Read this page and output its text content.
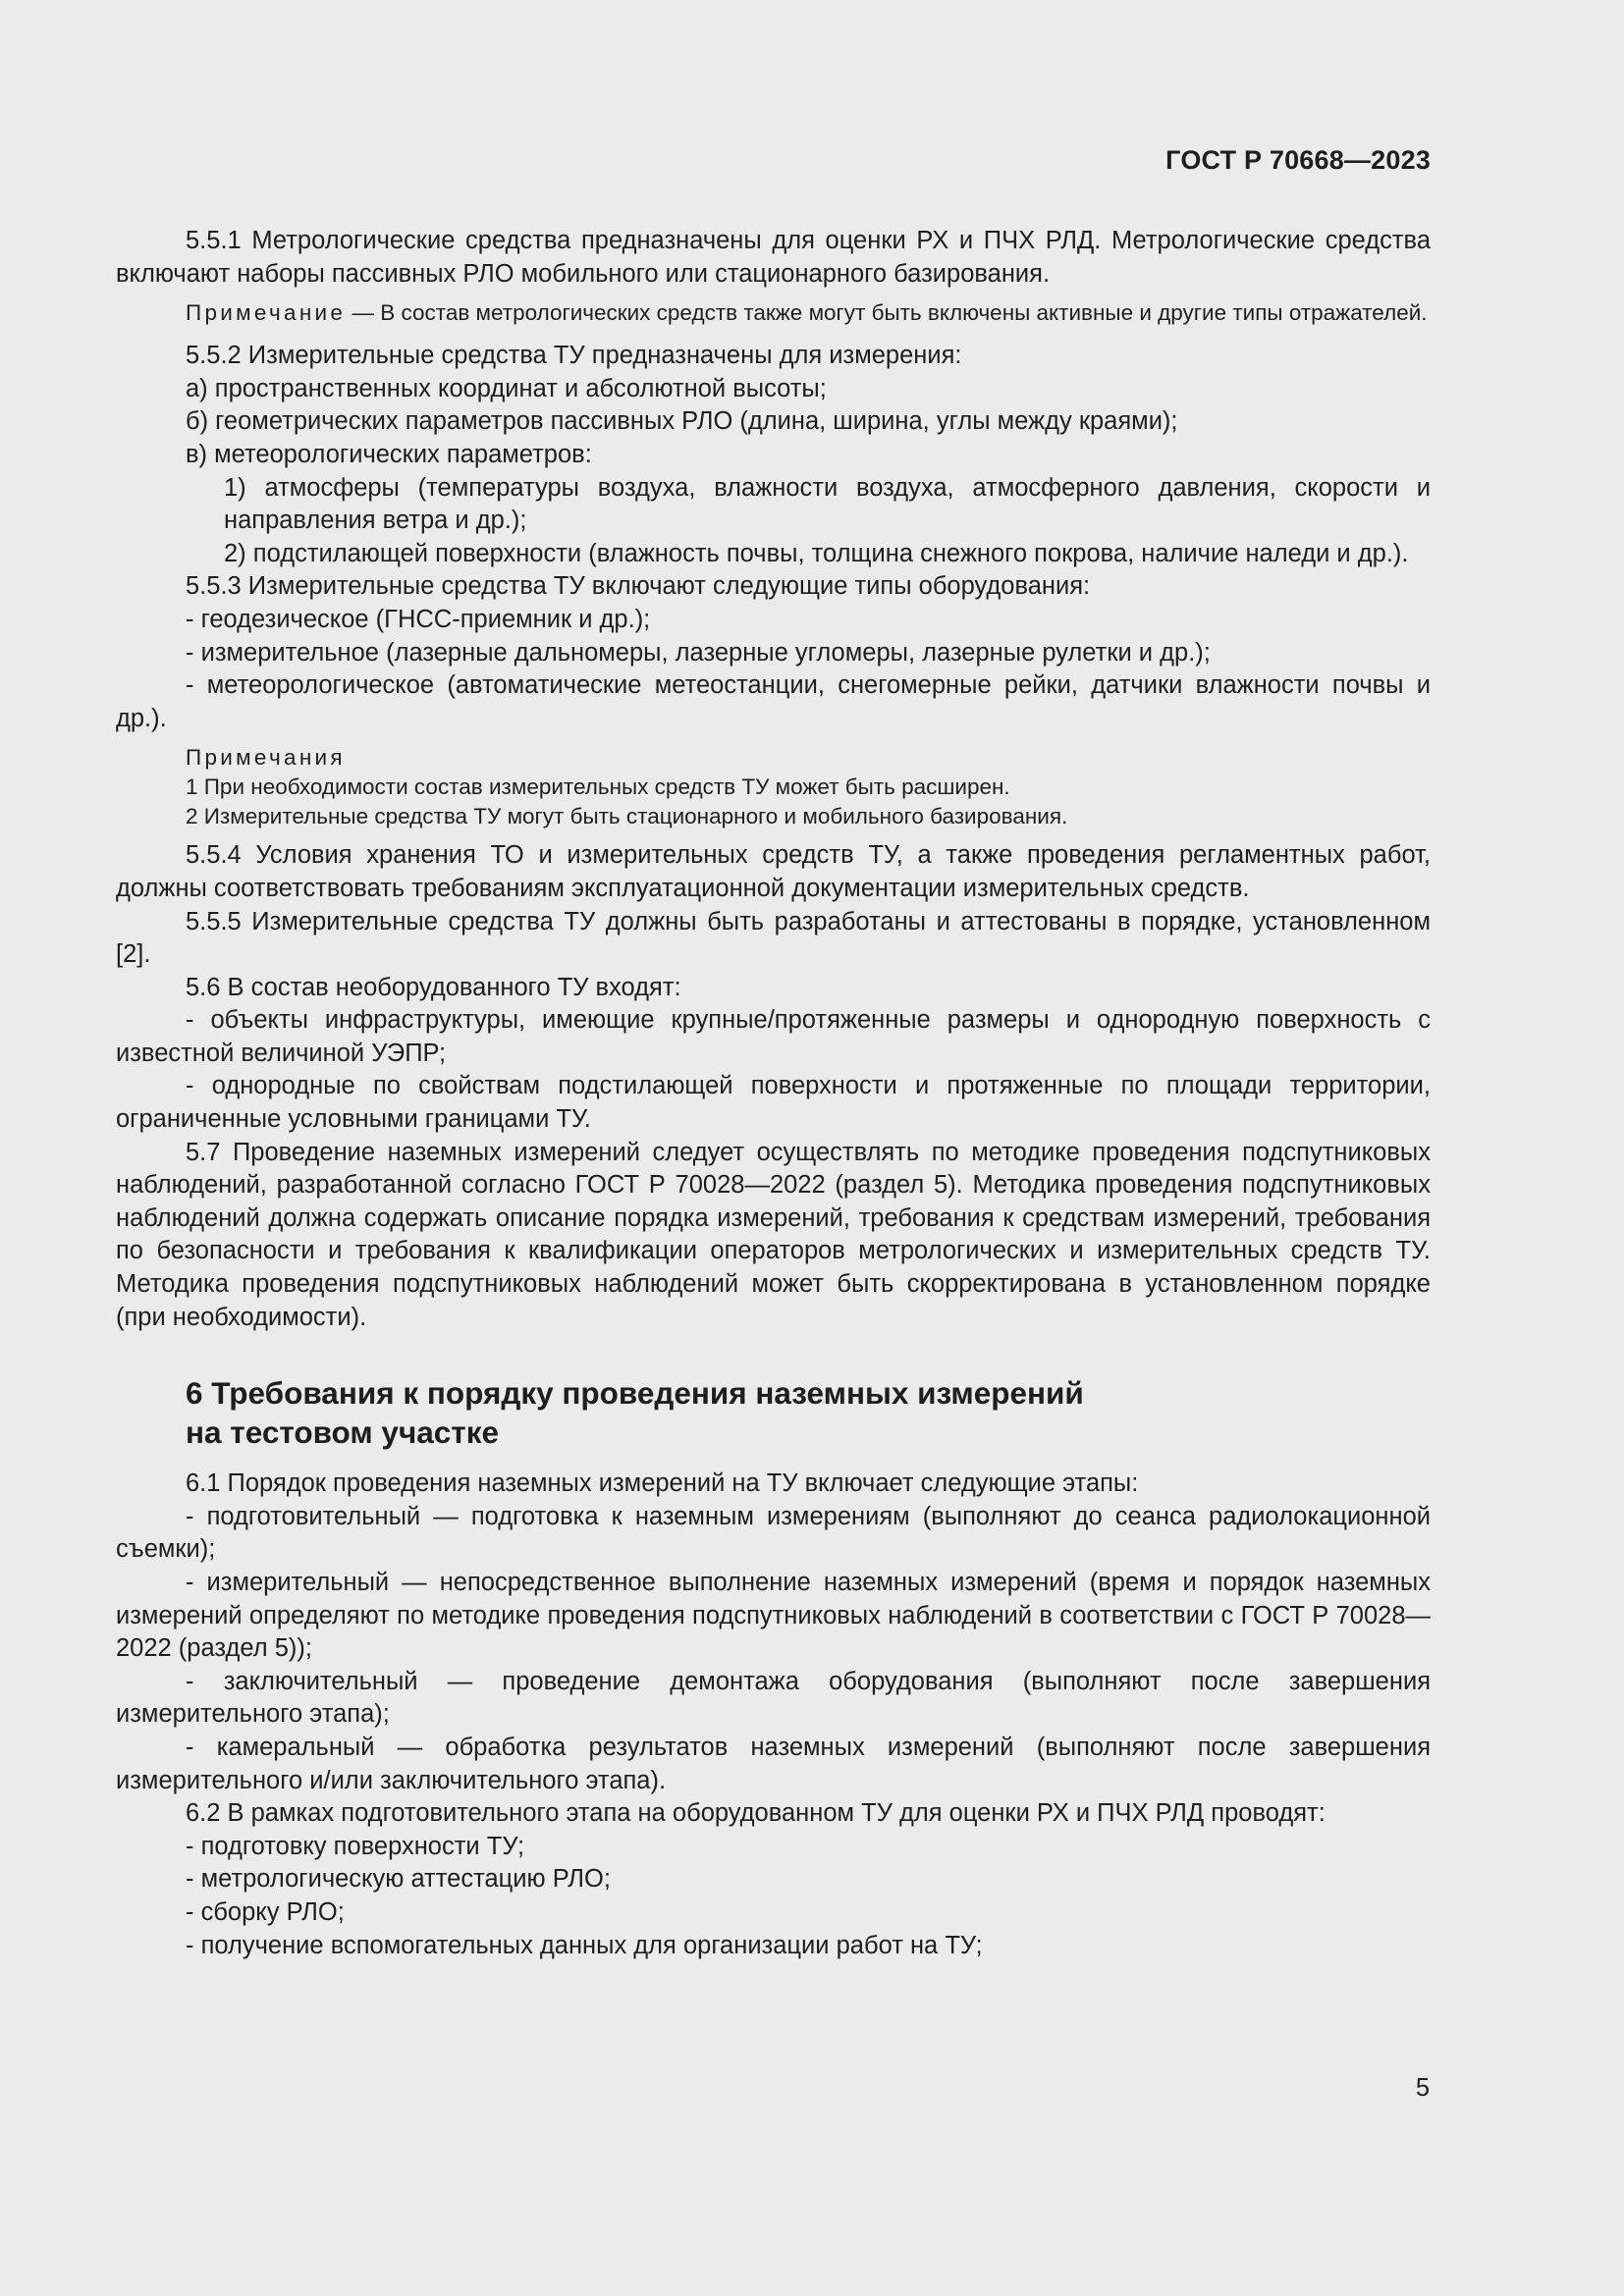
ГОСТ Р 70668—2023

5.5.1 Метрологические средства предназначены для оценки РХ и ПЧХ РЛД. Метрологические средства включают наборы пассивных РЛО мобильного или стационарного базирования.

Примечание — В состав метрологических средств также могут быть включены активные и другие типы отражателей.

5.5.2 Измерительные средства ТУ предназначены для измерения:

а) пространственных координат и абсолютной высоты;

б) геометрических параметров пассивных РЛО (длина, ширина, углы между краями);

в) метеорологических параметров:

1) атмосферы (температуры воздуха, влажности воздуха, атмосферного давления, скорости и направления ветра и др.);

2) подстилающей поверхности (влажность почвы, толщина снежного покрова, наличие наледи и др.).

5.5.3 Измерительные средства ТУ включают следующие типы оборудования:

- геодезическое (ГНСС-приемник и др.);

- измерительное (лазерные дальномеры, лазерные угломеры, лазерные рулетки и др.);

- метеорологическое (автоматические метеостанции, снегомерные рейки, датчики влажности почвы и др.).

Примечания

1 При необходимости состав измерительных средств ТУ может быть расширен.

2 Измерительные средства ТУ могут быть стационарного и мобильного базирования.

5.5.4 Условия хранения ТО и измерительных средств ТУ, а также проведения регламентных работ, должны соответствовать требованиям эксплуатационной документации измерительных средств.

5.5.5 Измерительные средства ТУ должны быть разработаны и аттестованы в порядке, установленном [2].

5.6 В состав необорудованного ТУ входят:

- объекты инфраструктуры, имеющие крупные/протяженные размеры и однородную поверхность с известной величиной УЭПР;

- однородные по свойствам подстилающей поверхности и протяженные по площади территории, ограниченные условными границами ТУ.

5.7 Проведение наземных измерений следует осуществлять по методике проведения подспутниковых наблюдений, разработанной согласно ГОСТ Р 70028—2022 (раздел 5). Методика проведения подспутниковых наблюдений должна содержать описание порядка измерений, требования к средствам измерений, требования по безопасности и требования к квалификации операторов метрологических и измерительных средств ТУ. Методика проведения подспутниковых наблюдений может быть скорректирована в установленном порядке (при необходимости).

6 Требования к порядку проведения наземных измерений
на тестовом участке

6.1 Порядок проведения наземных измерений на ТУ включает следующие этапы:

- подготовительный — подготовка к наземным измерениям (выполняют до сеанса радиолокационной съемки);

- измерительный — непосредственное выполнение наземных измерений (время и порядок наземных измерений определяют по методике проведения подспутниковых наблюдений в соответствии с ГОСТ Р 70028—2022 (раздел 5));

- заключительный — проведение демонтажа оборудования (выполняют после завершения измерительного этапа);

- камеральный — обработка результатов наземных измерений (выполняют после завершения измерительного и/или заключительного этапа).

6.2 В рамках подготовительного этапа на оборудованном ТУ для оценки РХ и ПЧХ РЛД проводят:

- подготовку поверхности ТУ;

- метрологическую аттестацию РЛО;

- сборку РЛО;

- получение вспомогательных данных для организации работ на ТУ;

5
